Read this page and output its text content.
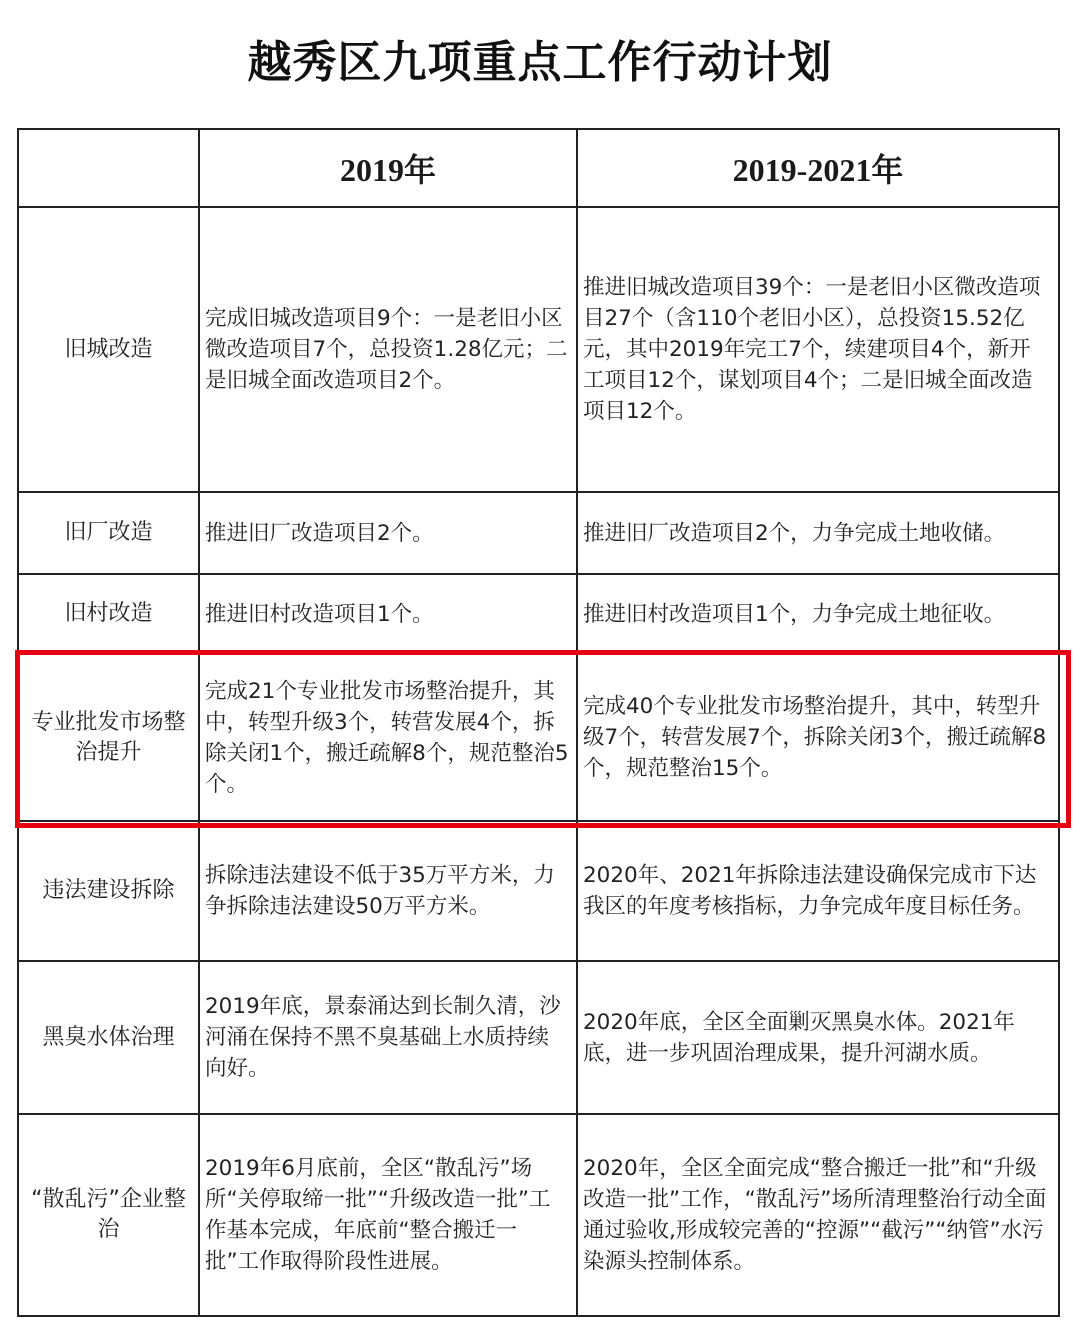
越秀区九项重点工作行动计划
	2019年	2019-2021年
旧城改造	完成旧城改造项目9个：一是老旧小区微改造项目7个，总投资1.28亿元；二是旧城全面改造项目2个。	推进旧城改造项目39个：一是老旧小区微改造项目27个（含110个老旧小区），总投资15.52亿元，其中2019年完工7个，续建项目4个，新开工项目12个，谋划项目4个；二是旧城全面改造项目12个。
旧厂改造	推进旧厂改造项目2个。	推进旧厂改造项目2个，力争完成土地收储。
旧村改造	推进旧村改造项目1个。	推进旧村改造项目1个，力争完成土地征收。
专业批发市场整治提升	完成21个专业批发市场整治提升，其中，转型升级3个，转营发展4个，拆除关闭1个，搬迁疏解8个，规范整治5个。	完成40个专业批发市场整治提升，其中，转型升级7个，转营发展7个，拆除关闭3个，搬迁疏解8个，规范整治15个。
违法建设拆除	拆除违法建设不低于35万平方米，力争拆除违法建设50万平方米。	2020年、2021年拆除违法建设确保完成市下达我区的年度考核指标，力争完成年度目标任务。
黑臭水体治理	2019年底，景泰涌达到长制久清，沙河涌在保持不黑不臭基础上水质持续向好。	2020年底，全区全面剿灭黑臭水体。2021年底，进一步巩固治理成果，提升河湖水质。
“散乱污”企业整治	2019年6月底前，全区“散乱污”场所“关停取缔一批”“升级改造一批”工作基本完成，年底前“整合搬迁一批”工作取得阶段性进展。	2020年，全区全面完成“整合搬迁一批”和“升级改造一批”工作，“散乱污”场所清理整治行动全面通过验收,形成较完善的“控源”“截污”“纳管”水污染源头控制体系。
